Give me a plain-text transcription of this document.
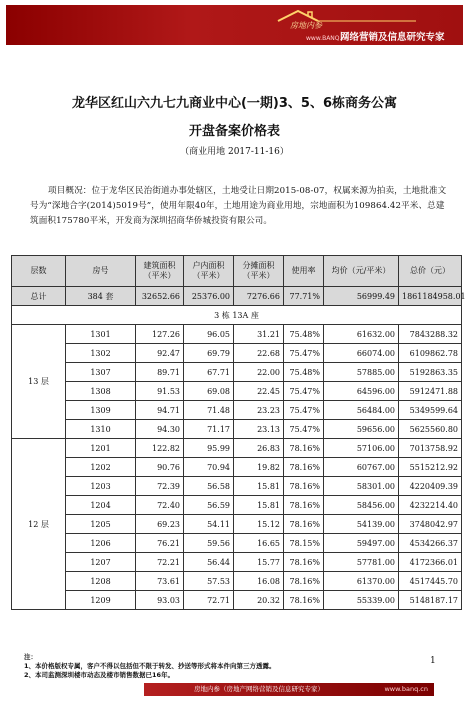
房地内参
www.BANQ.cn
网络营销及信息研究专家
龙华区红山六九七九商业中心(一期)3、5、6栋商务公寓
开盘备案价格表
（商业用地 2017-11-16）
项目概况：位于龙华区民治街道办事处辖区，土地受让日期2015-08-07，权属来源为拍卖，土地批准文号为“深地合字(2014)5019号”，使用年限40年，土地用途为商业用地，宗地面积为109864.42平米、总建筑面积175780平米，开发商为深圳招商华侨城投资有限公司。
层数	房号	建筑面积（平米）	户内面积（平米）	分摊面积（平米）	使用率	均价（元/平米）	总价（元）
总计	384 套	32652.66	25376.00	7276.66	77.71%	56999.49	1861184958.01
3 栋 13A 座							
13 层	1301	127.26	96.05	31.21	75.48%	61632.00	7843288.32
	1302	92.47	69.79	22.68	75.47%	66074.00	6109862.78
	1307	89.71	67.71	22.00	75.48%	57885.00	5192863.35
	1308	91.53	69.08	22.45	75.47%	64596.00	5912471.88
	1309	94.71	71.48	23.23	75.47%	56484.00	5349599.64
	1310	94.30	71.17	23.13	75.47%	59656.00	5625560.80
12 层	1201	122.82	95.99	26.83	78.16%	57106.00	7013758.92
	1202	90.76	70.94	19.82	78.16%	60767.00	5515212.92
	1203	72.39	56.58	15.81	78.16%	58301.00	4220409.39
	1204	72.40	56.59	15.81	78.16%	58456.00	4232214.40
	1205	69.23	54.11	15.12	78.16%	54139.00	3748042.97
	1206	76.21	59.56	16.65	78.15%	59497.00	4534266.37
	1207	72.21	56.44	15.77	78.16%	57781.00	4172366.01
	1208	73.61	57.53	16.08	78.16%	61370.00	4517445.70
	1209	93.03	72.71	20.32	78.16%	55339.00	5148187.17
注：
1、本价格版权专属，客户不得以包括但不限于转发、抄送等形式将本件向第三方透露。
2、本司监测深圳楼市动态及楼市销售数据已16年。
1
房地内参（房地产网络营销及信息研究专家）	www.banq.cn
